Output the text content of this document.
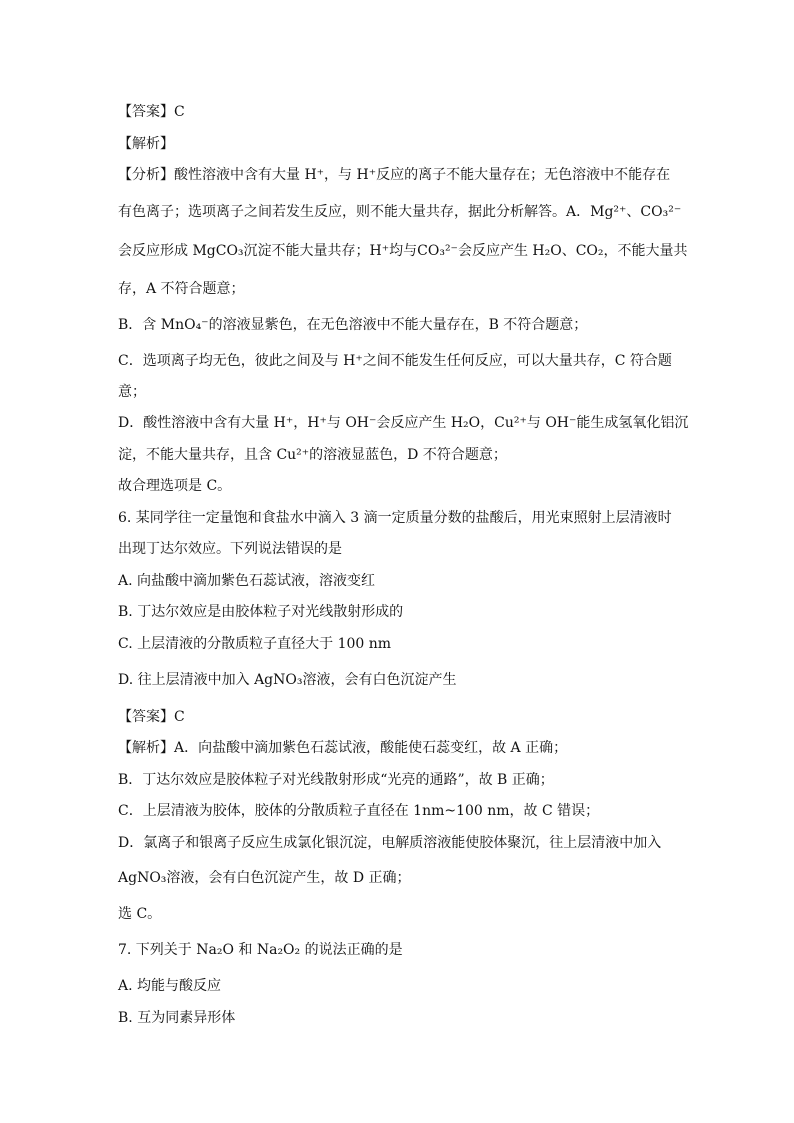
【答案】C
【解析】
【分析】酸性溶液中含有大量 H⁺，与 H⁺反应的离子不能大量存在；无色溶液中不能存在
有色离子；选项离子之间若发生反应，则不能大量共存，据此分析解答。A．Mg²⁺、CO₃²⁻
会反应形成 MgCO₃沉淀不能大量共存；H⁺均与CO₃²⁻会反应产生 H₂O、CO₂，不能大量共
存，A 不符合题意；
B．含 MnO₄⁻的溶液显紫色，在无色溶液中不能大量存在，B 不符合题意；
C．选项离子均无色，彼此之间及与 H⁺之间不能发生任何反应，可以大量共存，C 符合题
意；
D．酸性溶液中含有大量 H⁺，H⁺与 OH⁻会反应产生 H₂O，Cu²⁺与 OH⁻能生成氢氧化铝沉
淀，不能大量共存，且含 Cu²⁺的溶液显蓝色，D 不符合题意；
故合理选项是 C。
6. 某同学往一定量饱和食盐水中滴入 3 滴一定质量分数的盐酸后，用光束照射上层清液时
出现丁达尔效应。下列说法错误的是
A. 向盐酸中滴加紫色石蕊试液，溶液变红
B. 丁达尔效应是由胶体粒子对光线散射形成的
C. 上层清液的分散质粒子直径大于 100 nm
D. 往上层清液中加入 AgNO₃溶液，会有白色沉淀产生
【答案】C
【解析】A．向盐酸中滴加紫色石蕊试液，酸能使石蕊变红，故 A 正确；
B．丁达尔效应是胶体粒子对光线散射形成“光亮的通路”，故 B 正确；
C．上层清液为胶体，胶体的分散质粒子直径在 1nm~100 nm，故 C 错误；
D．氯离子和银离子反应生成氯化银沉淀，电解质溶液能使胶体聚沉，往上层清液中加入
AgNO₃溶液，会有白色沉淀产生，故 D 正确；
选 C。
7. 下列关于 Na₂O 和 Na₂O₂ 的说法正确的是
A. 均能与酸反应
B. 互为同素异形体
